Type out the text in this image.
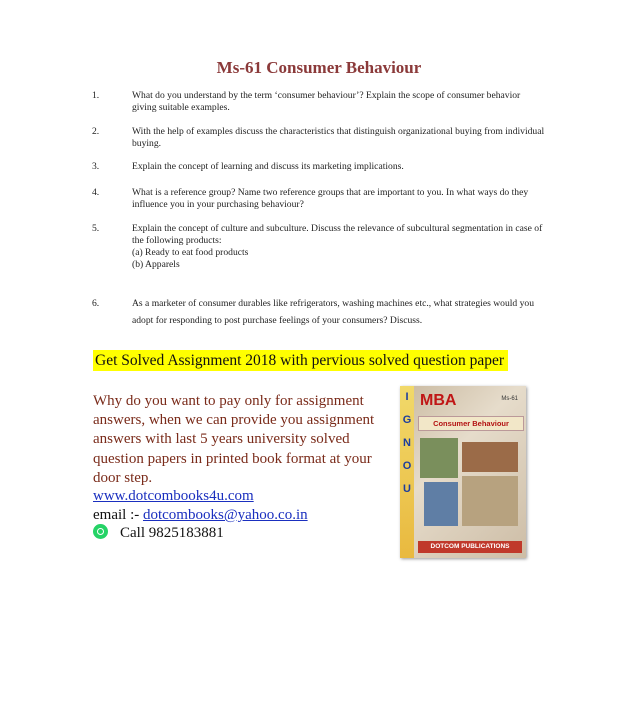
Ms-61 Consumer Behaviour
1.	What do you understand by the term ‘consumer behaviour’? Explain the scope of consumer behavior giving suitable examples.
2.	With the help of examples discuss the characteristics that distinguish organizational buying from individual buying.
3.	Explain the concept of learning and discuss its marketing implications.
4.	What is a reference group? Name two reference groups that are important to you. In what ways do they influence you in your purchasing behaviour?
5.	Explain the concept of culture and subculture. Discuss the relevance of subcultural segmentation in case of the following products:
(a) Ready to eat food products
(b) Apparels
6.	As a marketer of consumer durables like refrigerators, washing machines etc., what strategies would you adopt for responding to post purchase feelings of your consumers? Discuss.
Get Solved Assignment 2018 with pervious solved question paper
Why do you want to pay only for assignment answers, when we can provide you assignment answers with last 5 years university solved question papers in printed book format at your door step.
www.dotcombooks4u.com
email :- dotcombooks@yahoo.co.in
Call 9825183881
I
G
N
O
U
MBA	Ms-61
Consumer Behaviour
DOTCOM PUBLICATIONS
